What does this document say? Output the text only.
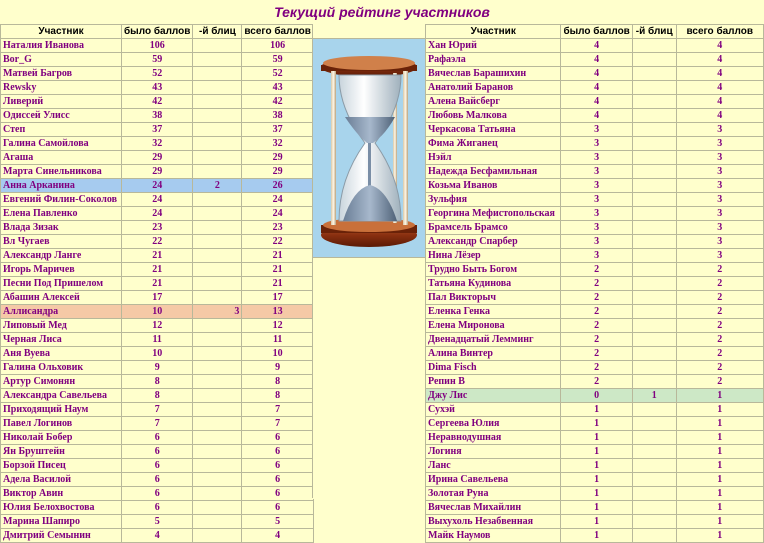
Текущий рейтинг участников
Участник	было баллов	-й блиц	всего баллов
Наталия Иванова	106		106
Bor_G	59		59
Матвей Багров	52		52
Rewsky	43		43
Ливерий	42		42
Одиссей Улисс	38		38
Степ	37		37
Галина Самойлова	32		32
Агаша	29		29
Марта Синельникова	29		29
Анна Арканина	24	2	26
Евгений Филин-Соколов	24		24
Елена Павленко	24		24
Влада Зизак	23		23
Вл Чугаев	22		22
Александр Ланге	21		21
Игорь Маричев	21		21
Песни Под Пришелом	21		21
Абашин Алексей	17		17
Аллисандра	10	3	13
Липовый Мед	12		12
Черная Лиса	11		11
Аня Вуева	10		10
Галина Ольховик	9		9
Артур Симонян	8		8
Александра Савельева	8		8
Приходящий Наум	7		7
Павел Логинов	7		7
Николай Бобер	6		6
Ян Бруштейн	6		6
Борзой Писец	6		6
Адела Василой	6		6
Виктор Авин	6		6
Юлия Белохвостова	6		6
Марина Шапиро	5		5
Дмитрий Семынин	4		4
Участник	было баллов	-й блиц	всего баллов
Хан Юрий	4		4
Рафаэла	4		4
Вячеслав Барашихин	4		4
Анатолий Баранов	4		4
Алена Вайсберг	4		4
Любовь Малкова	4		4
Черкасова Татьяна	3		3
Фима Жиганец	3		3
Нэйл	3		3
Надежда Бесфамильная	3		3
Козьма Иванов	3		3
Зульфия	3		3
Георгина Мефистопольская	3		3
Брамсель Брамсо	3		3
Александр Спарбер	3		3
Нина Лёзер	3		3
Трудно Быть Богом	2		2
Татьяна Кудинова	2		2
Пал Викторыч	2		2
Еленка Генка	2		2
Елена Миронова	2		2
Двенадцатый Лемминг	2		2
Алина Винтер	2		2
Dima Fisch	2		2
Репин В	2		2
Джу Лис	0	1	1
Сухэй	1		1
Сергеева Юлия	1		1
Неравнодушная	1		1
Логиня	1		1
Ланс	1		1
Ирина Савельева	1		1
Золотая Руна	1		1
Вячеслав Михайлин	1		1
Выхухоль Незабвенная	1		1
Майк Наумов	1		1
